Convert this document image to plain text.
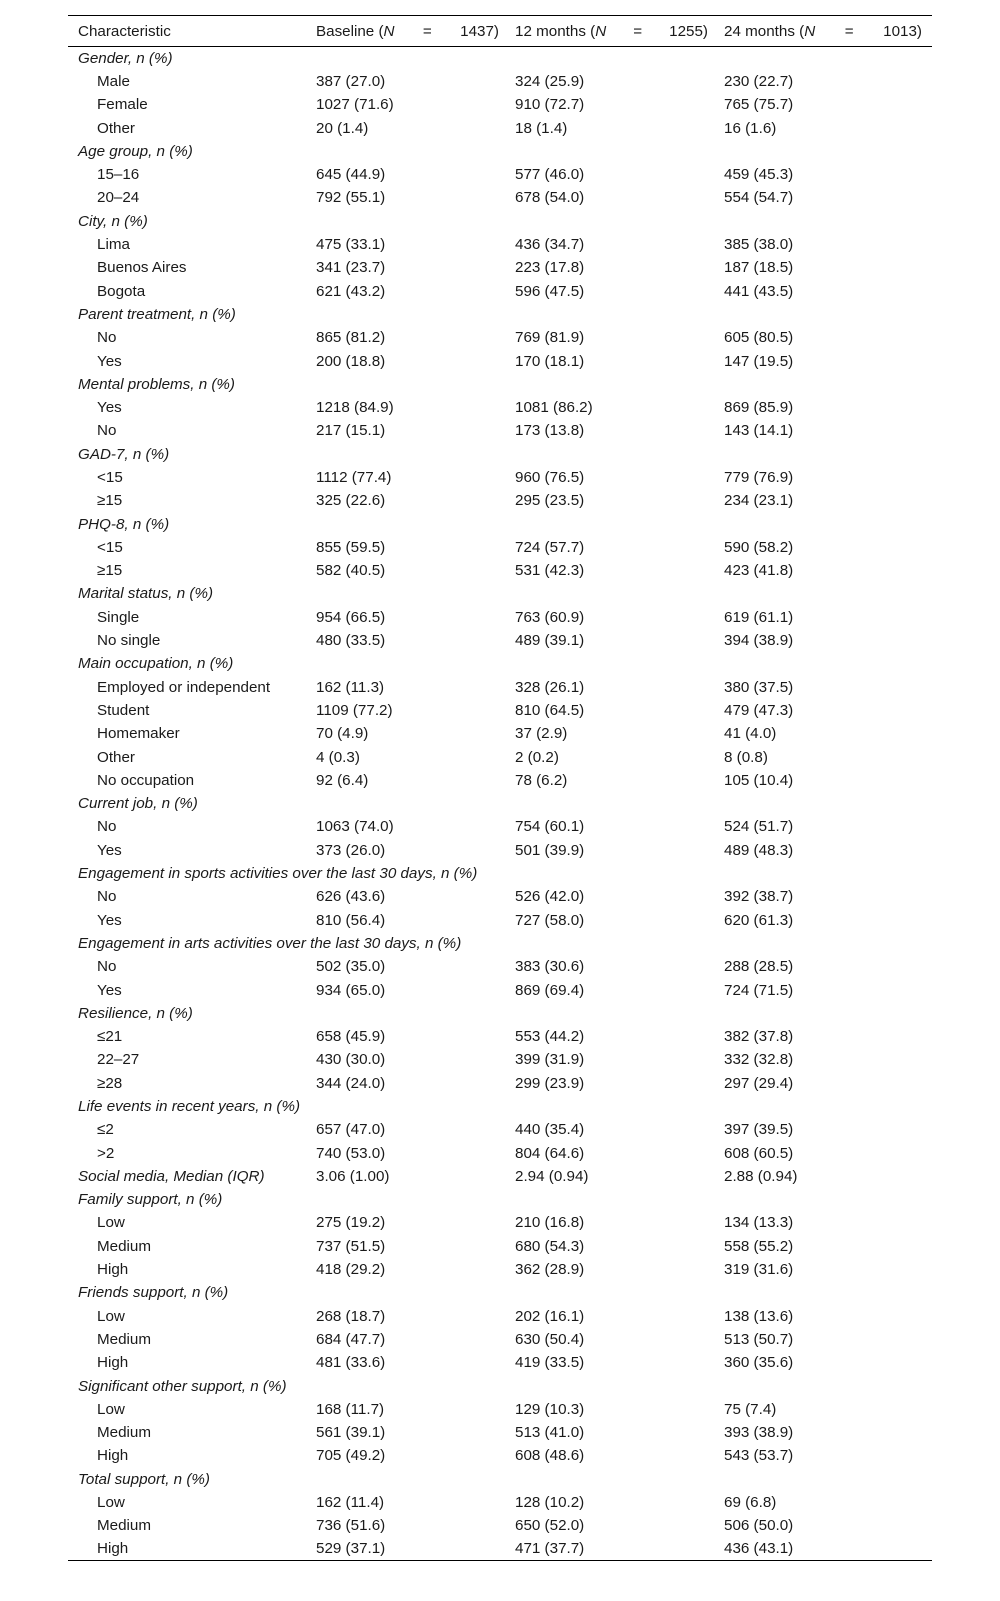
Characteristic	Baseline (N = 1437)	12 months (N = 1255)	24 months (N = 1013)

Gender, n (%)			
Male	387 (27.0)	324 (25.9)	230 (22.7)
Female	1027 (71.6)	910 (72.7)	765 (75.7)
Other	20 (1.4)	18 (1.4)	16 (1.6)
Age group, n (%)			
15–16	645 (44.9)	577 (46.0)	459 (45.3)
20–24	792 (55.1)	678 (54.0)	554 (54.7)
City, n (%)			
Lima	475 (33.1)	436 (34.7)	385 (38.0)
Buenos Aires	341 (23.7)	223 (17.8)	187 (18.5)
Bogota	621 (43.2)	596 (47.5)	441 (43.5)
Parent treatment, n (%)			
No	865 (81.2)	769 (81.9)	605 (80.5)
Yes	200 (18.8)	170 (18.1)	147 (19.5)
Mental problems, n (%)			
Yes	1218 (84.9)	1081 (86.2)	869 (85.9)
No	217 (15.1)	173 (13.8)	143 (14.1)
GAD-7, n (%)			
<15	1112 (77.4)	960 (76.5)	779 (76.9)
≥15	325 (22.6)	295 (23.5)	234 (23.1)
PHQ-8, n (%)			
<15	855 (59.5)	724 (57.7)	590 (58.2)
≥15	582 (40.5)	531 (42.3)	423 (41.8)
Marital status, n (%)			
Single	954 (66.5)	763 (60.9)	619 (61.1)
No single	480 (33.5)	489 (39.1)	394 (38.9)
Main occupation, n (%)			
Employed or independent	162 (11.3)	328 (26.1)	380 (37.5)
Student	1109 (77.2)	810 (64.5)	479 (47.3)
Homemaker	70 (4.9)	37 (2.9)	41 (4.0)
Other	4 (0.3)	2 (0.2)	8 (0.8)
No occupation	92 (6.4)	78 (6.2)	105 (10.4)
Current job, n (%)			
No	1063 (74.0)	754 (60.1)	524 (51.7)
Yes	373 (26.0)	501 (39.9)	489 (48.3)
Engagement in sports activities over the last 30 days, n (%)			
No	626 (43.6)	526 (42.0)	392 (38.7)
Yes	810 (56.4)	727 (58.0)	620 (61.3)
Engagement in arts activities over the last 30 days, n (%)			
No	502 (35.0)	383 (30.6)	288 (28.5)
Yes	934 (65.0)	869 (69.4)	724 (71.5)
Resilience, n (%)			
≤21	658 (45.9)	553 (44.2)	382 (37.8)
22–27	430 (30.0)	399 (31.9)	332 (32.8)
≥28	344 (24.0)	299 (23.9)	297 (29.4)
Life events in recent years, n (%)			
≤2	657 (47.0)	440 (35.4)	397 (39.5)
>2	740 (53.0)	804 (64.6)	608 (60.5)
Social media, Median (IQR)	3.06 (1.00)	2.94 (0.94)	2.88 (0.94)
Family support, n (%)			
Low	275 (19.2)	210 (16.8)	134 (13.3)
Medium	737 (51.5)	680 (54.3)	558 (55.2)
High	418 (29.2)	362 (28.9)	319 (31.6)
Friends support, n (%)			
Low	268 (18.7)	202 (16.1)	138 (13.6)
Medium	684 (47.7)	630 (50.4)	513 (50.7)
High	481 (33.6)	419 (33.5)	360 (35.6)
Significant other support, n (%)			
Low	168 (11.7)	129 (10.3)	75 (7.4)
Medium	561 (39.1)	513 (41.0)	393 (38.9)
High	705 (49.2)	608 (48.6)	543 (53.7)
Total support, n (%)			
Low	162 (11.4)	128 (10.2)	69 (6.8)
Medium	736 (51.6)	650 (52.0)	506 (50.0)
High	529 (37.1)	471 (37.7)	436 (43.1)
